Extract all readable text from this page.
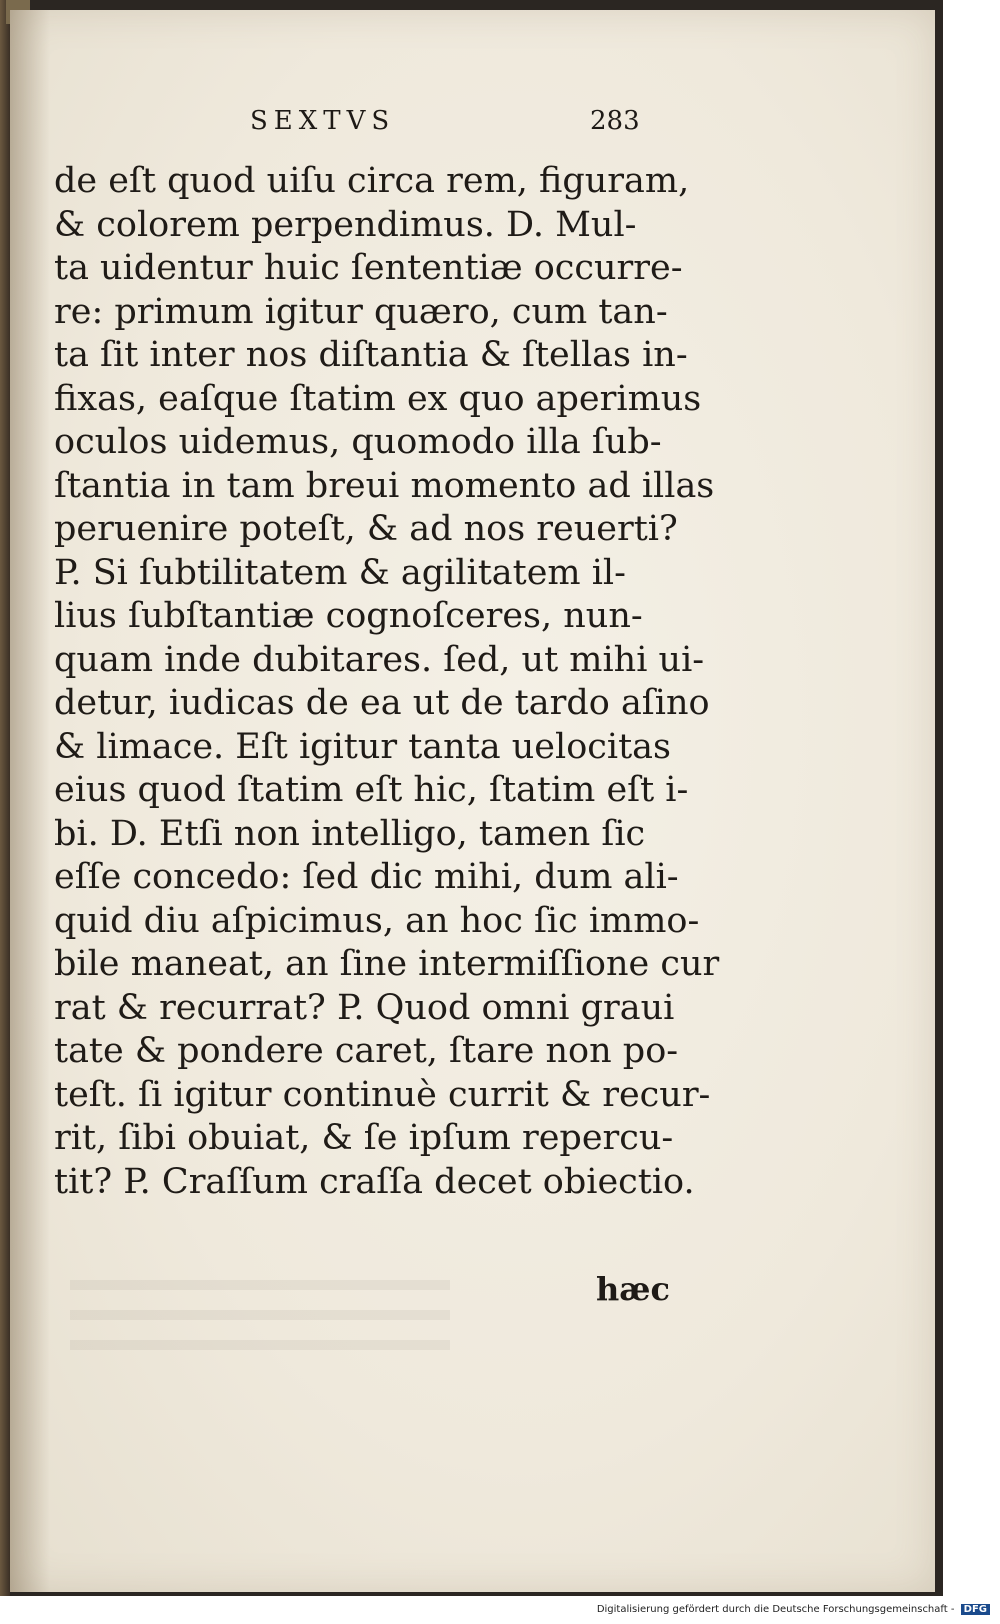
SEXTVS	283
de eſt quod uiſu circa rem, figuram,
& colorem perpendimus. D. Mul-
ta uidentur huic ſententiæ occurre-
re: primum igitur quæro, cum tan-
ta ſit inter nos diſtantia & ſtellas in-
fixas, eaſque ſtatim ex quo aperimus
oculos uidemus, quomodo illa ſub-
ſtantia in tam breui momento ad illas
peruenire poteſt, & ad nos reuerti?
P. Si ſubtilitatem & agilitatem il-
lius ſubſtantiæ cognoſceres, nun-
quam inde dubitares. ſed, ut mihi ui-
detur, iudicas de ea ut de tardo aſino
& limace. Eſt igitur tanta uelocitas
eius quod ſtatim eſt hic, ſtatim eſt i-
bi. D. Etſi non intelligo, tamen ſic
eſſe concedo: ſed dic mihi, dum ali-
quid diu aſpicimus, an hoc ſic immo-
bile maneat, an ſine intermiſſione cur
rat & recurrat? P. Quod omni graui
tate & pondere caret, ſtare non po-
teſt. ſi igitur continuè currit & recur-
rit, ſibi obuiat, & ſe ipſum repercu-
tit? P. Craſſum craſſa decet obiectio.
hæc
Digitalisierung gefördert durch die Deutsche Forschungsgemeinschaft - DFG
